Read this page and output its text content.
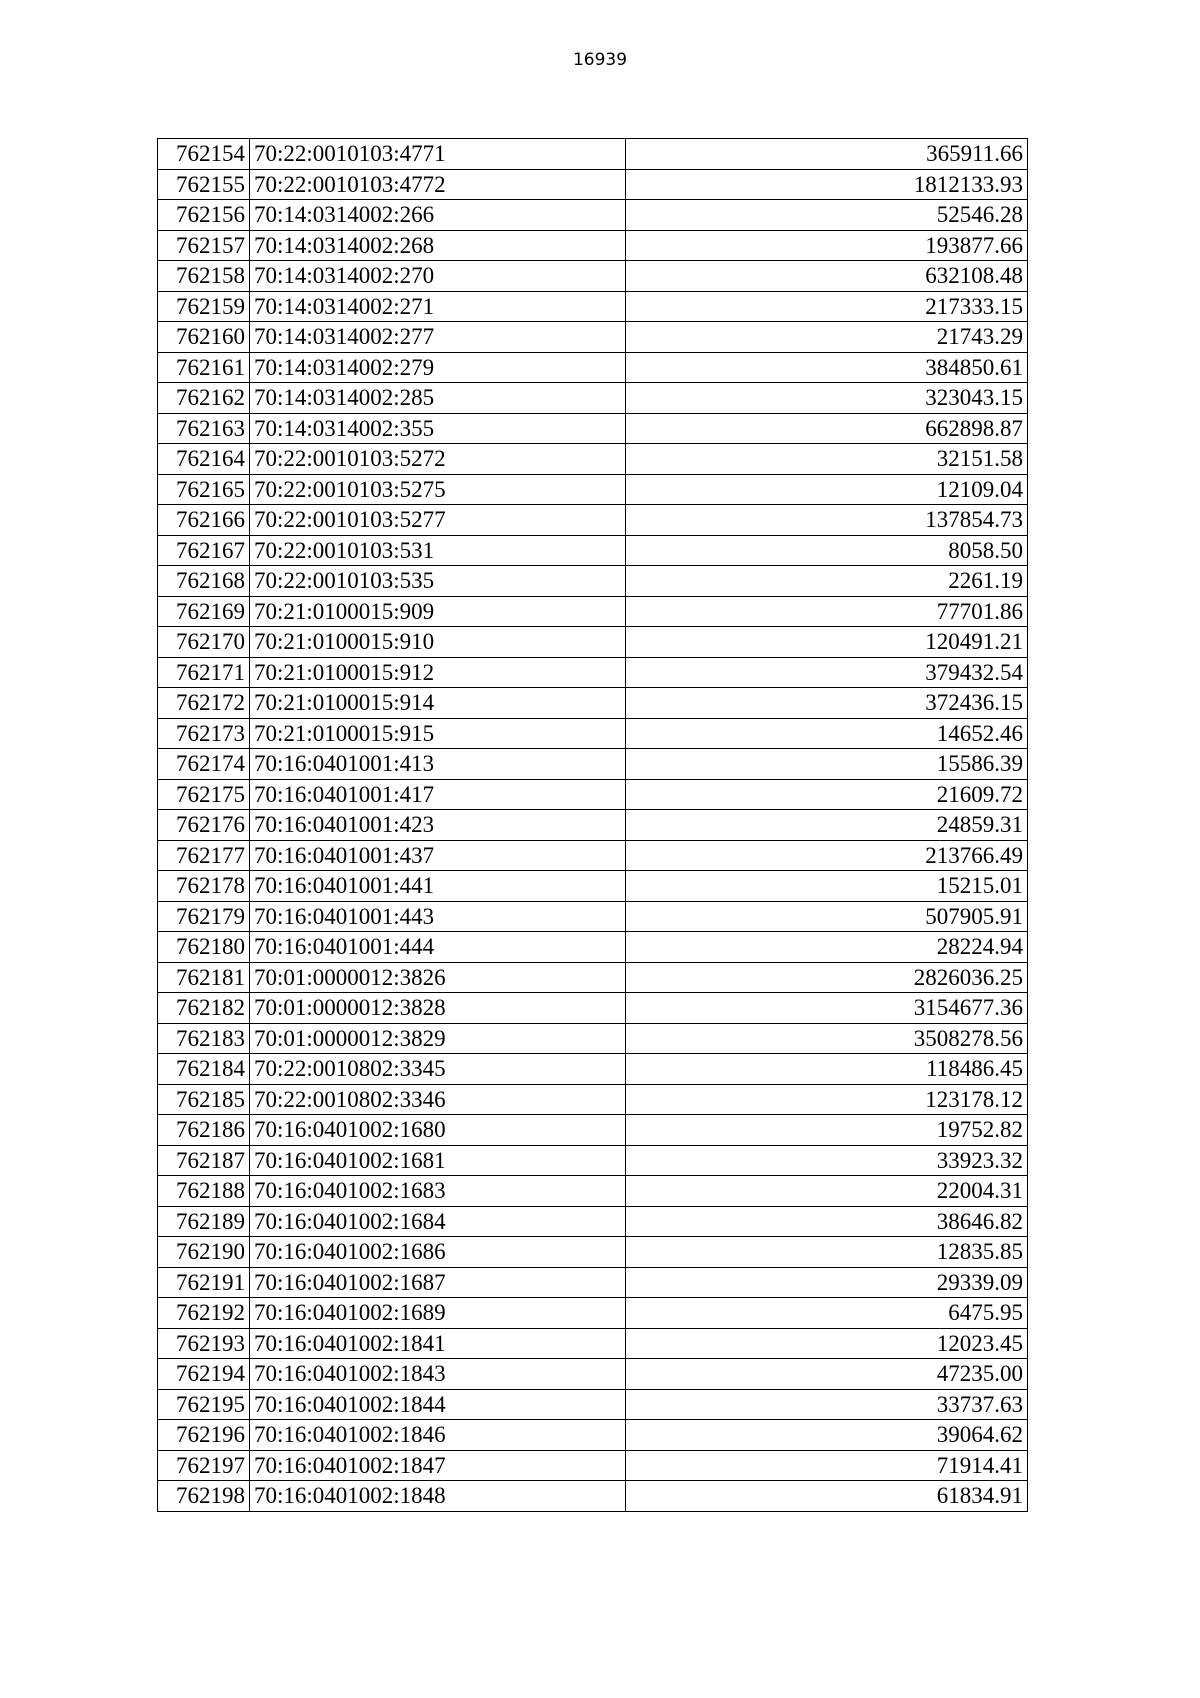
16939
762154	70:22:0010103:4771	365911.66
762155	70:22:0010103:4772	1812133.93
762156	70:14:0314002:266	52546.28
762157	70:14:0314002:268	193877.66
762158	70:14:0314002:270	632108.48
762159	70:14:0314002:271	217333.15
762160	70:14:0314002:277	21743.29
762161	70:14:0314002:279	384850.61
762162	70:14:0314002:285	323043.15
762163	70:14:0314002:355	662898.87
762164	70:22:0010103:5272	32151.58
762165	70:22:0010103:5275	12109.04
762166	70:22:0010103:5277	137854.73
762167	70:22:0010103:531	8058.50
762168	70:22:0010103:535	2261.19
762169	70:21:0100015:909	77701.86
762170	70:21:0100015:910	120491.21
762171	70:21:0100015:912	379432.54
762172	70:21:0100015:914	372436.15
762173	70:21:0100015:915	14652.46
762174	70:16:0401001:413	15586.39
762175	70:16:0401001:417	21609.72
762176	70:16:0401001:423	24859.31
762177	70:16:0401001:437	213766.49
762178	70:16:0401001:441	15215.01
762179	70:16:0401001:443	507905.91
762180	70:16:0401001:444	28224.94
762181	70:01:0000012:3826	2826036.25
762182	70:01:0000012:3828	3154677.36
762183	70:01:0000012:3829	3508278.56
762184	70:22:0010802:3345	118486.45
762185	70:22:0010802:3346	123178.12
762186	70:16:0401002:1680	19752.82
762187	70:16:0401002:1681	33923.32
762188	70:16:0401002:1683	22004.31
762189	70:16:0401002:1684	38646.82
762190	70:16:0401002:1686	12835.85
762191	70:16:0401002:1687	29339.09
762192	70:16:0401002:1689	6475.95
762193	70:16:0401002:1841	12023.45
762194	70:16:0401002:1843	47235.00
762195	70:16:0401002:1844	33737.63
762196	70:16:0401002:1846	39064.62
762197	70:16:0401002:1847	71914.41
762198	70:16:0401002:1848	61834.91
